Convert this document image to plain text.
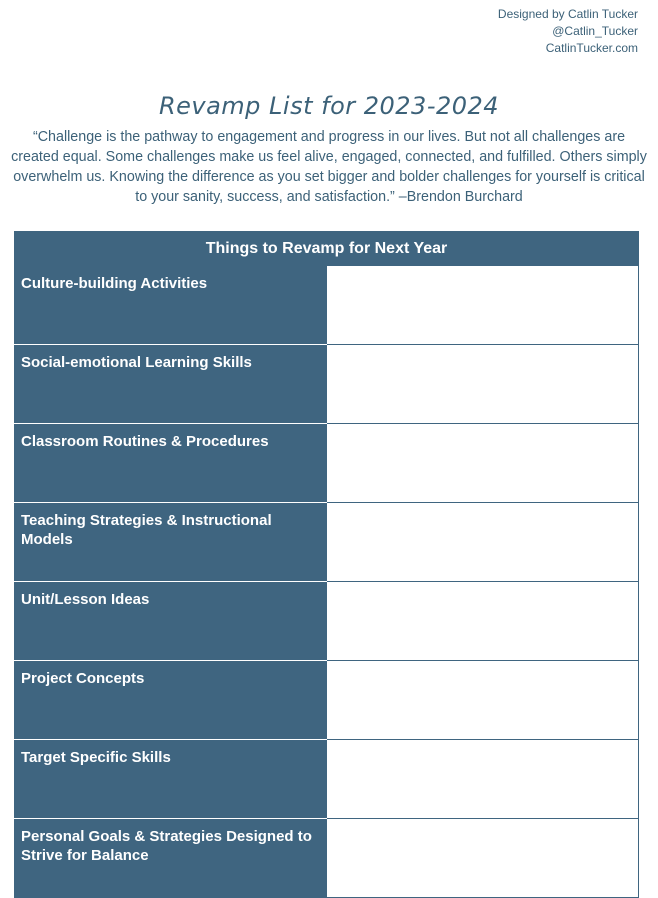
Designed by Catlin Tucker
@Catlin_Tucker
CatlinTucker.com
Revamp List for 2023-2024
“Challenge is the pathway to engagement and progress in our lives. But not all challenges are created equal. Some challenges make us feel alive, engaged, connected, and fulfilled. Others simply overwhelm us. Knowing the difference as you set bigger and bolder challenges for yourself is critical to your sanity, success, and satisfaction.” –Brendon Burchard
Things to Revamp for Next Year	
Culture-building Activities	
Social-emotional Learning Skills	
Classroom Routines & Procedures	
Teaching Strategies & Instructional Models	
Unit/Lesson Ideas	
Project Concepts	
Target Specific Skills	
Personal Goals & Strategies Designed to Strive for Balance	
